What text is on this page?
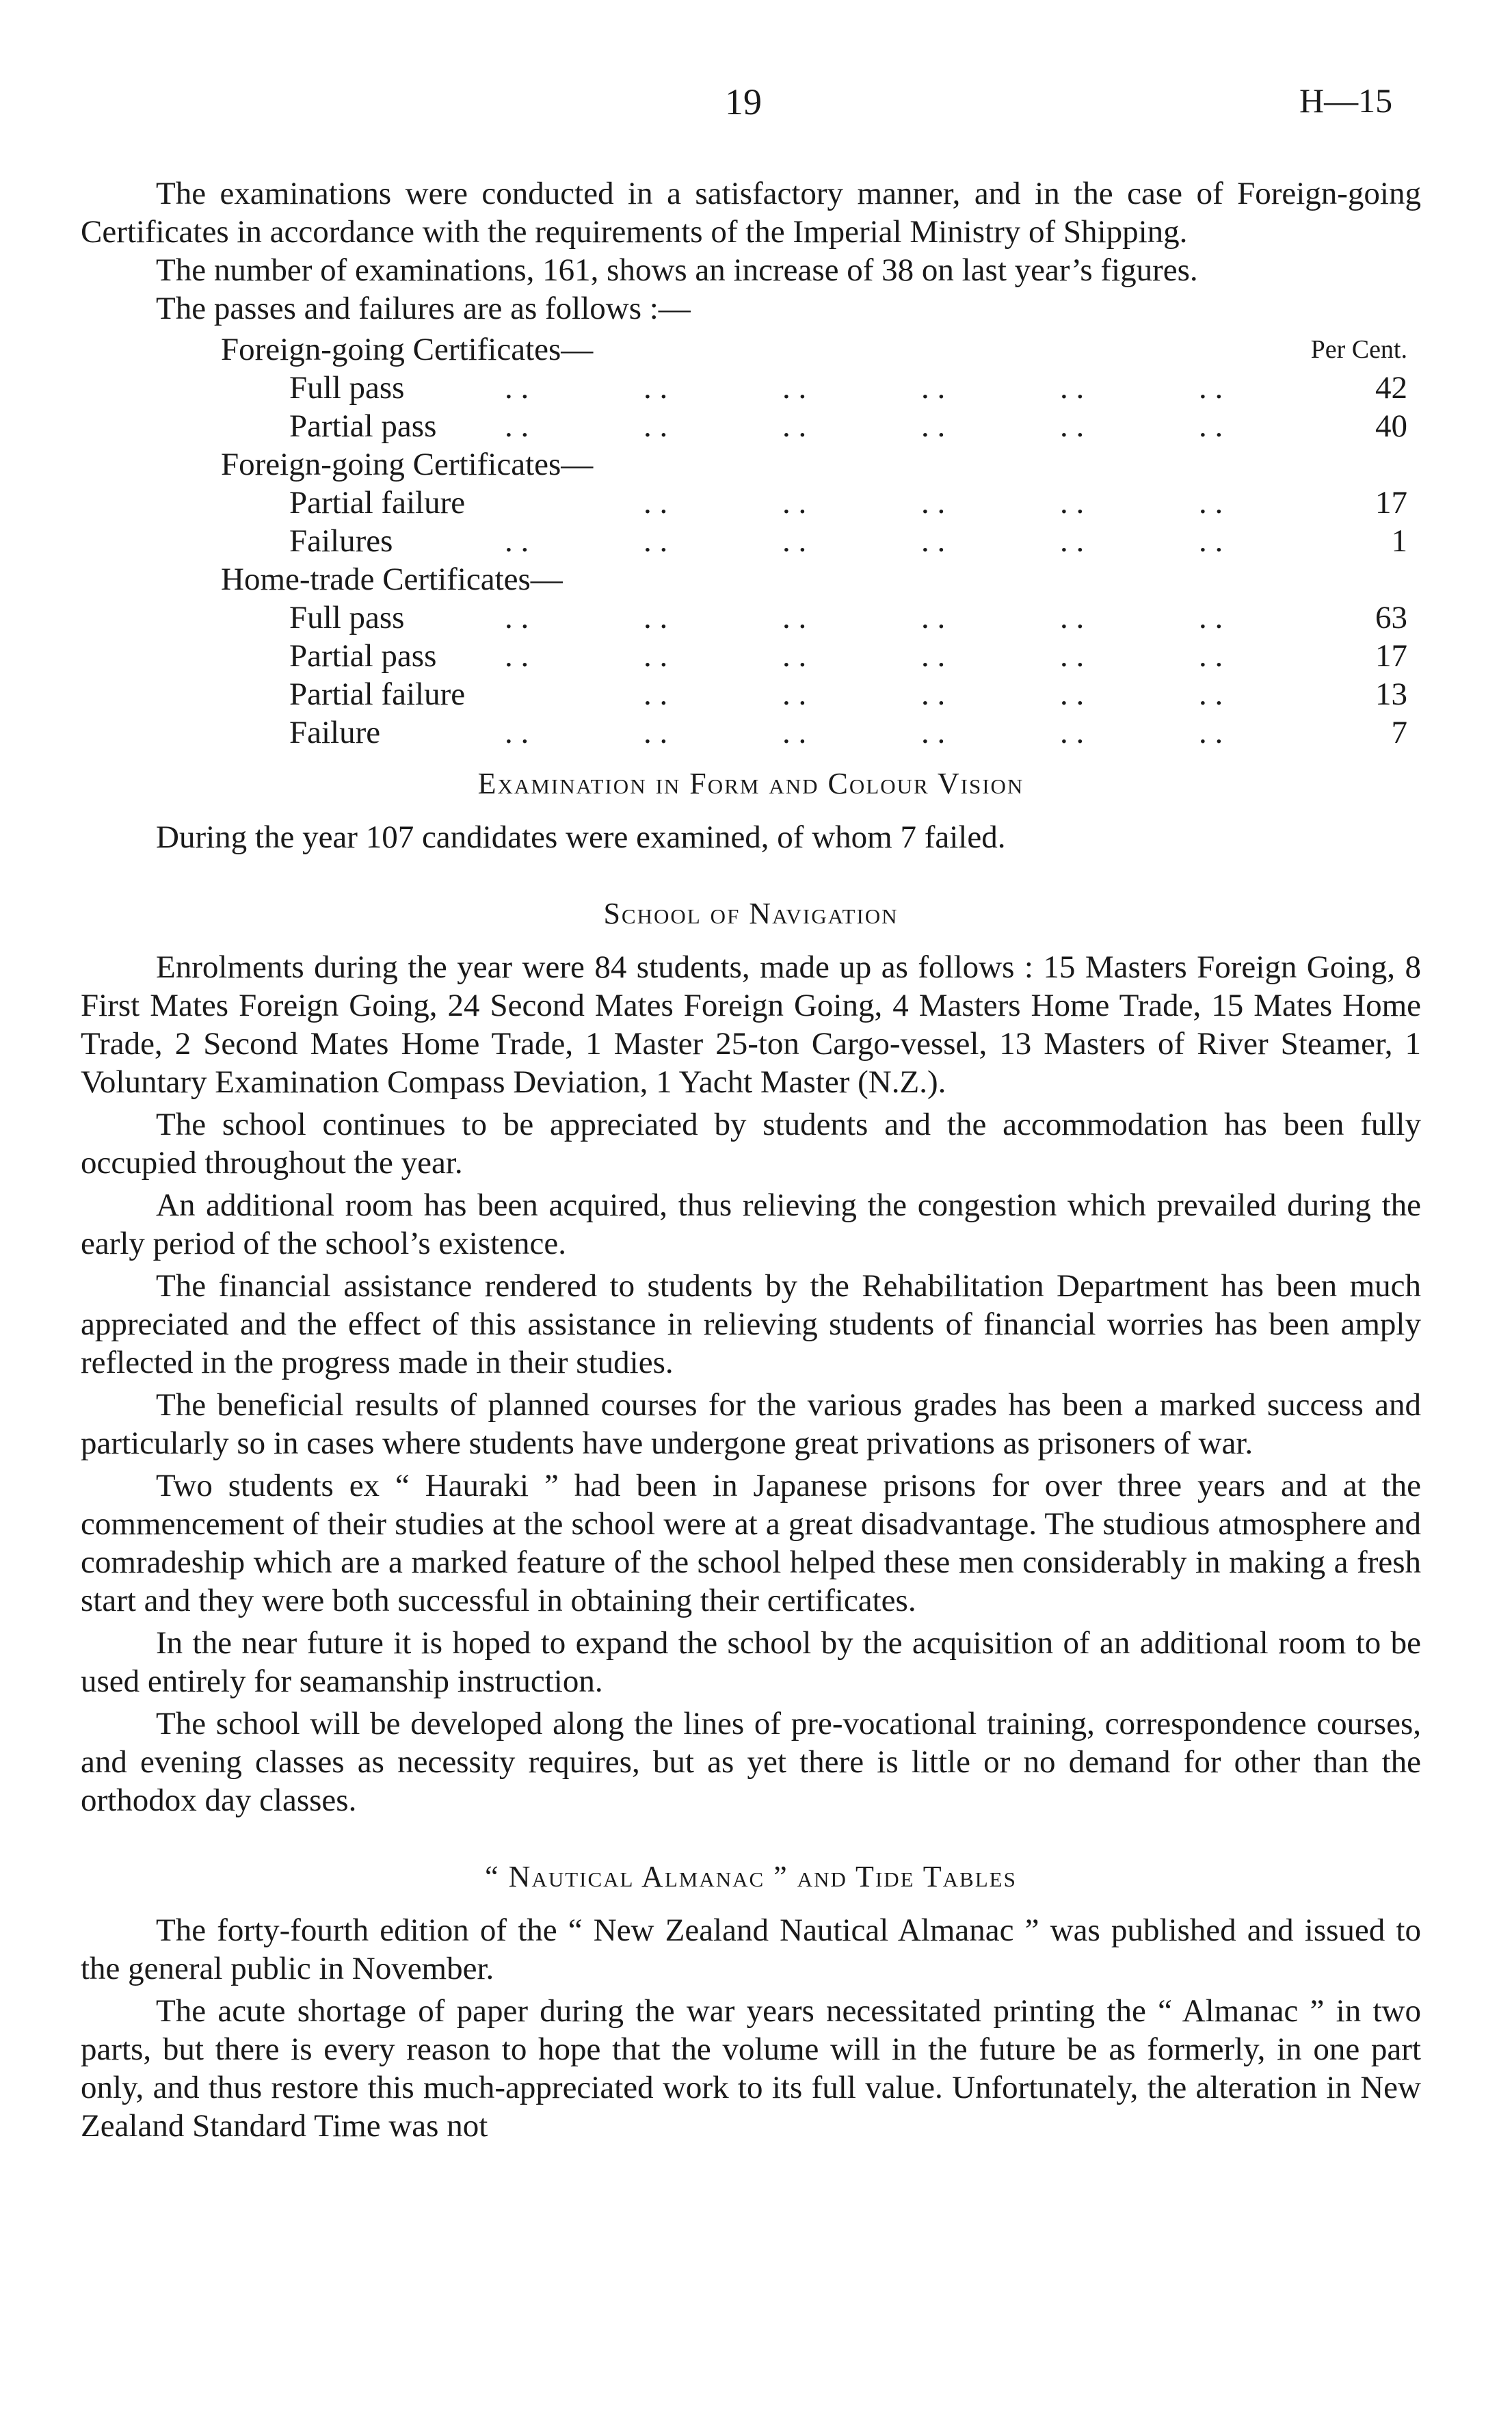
19	H—15

The examinations were conducted in a satisfactory manner, and in the case of Foreign-going Certificates in accordance with the requirements of the Imperial Ministry of Shipping.

The number of examinations, 161, shows an increase of 38 on last year’s figures.

The passes and failures are as follows :—

Foreign-going Certificates—	Per Cent.
Full pass	. .	. .	. .	. .	. .	. .	42
Partial pass . .	. .	. .	. .	. .	. .	40
Foreign-going Certificates—
Partial failure	. .	. .	. .	. .	. .	17
Failures	. .	. .	. .	. .	. .	. .	1
Home-trade Certificates—
Full pass	. .	. .	. .	. .	. .	. .	63
Partial pass . .	. .	. .	. .	. .	. .	17
Partial failure	. .	. .	. .	. .	. .	13
Failure	. .	. .	. .	. .	. .	. .	7
Examination in Form and Colour Vision

During the year 107 candidates were examined, of whom 7 failed.

School of Navigation

Enrolments during the year were 84 students, made up as follows : 15 Masters Foreign Going, 8 First Mates Foreign Going, 24 Second Mates Foreign Going, 4 Masters Home Trade, 15 Mates Home Trade, 2 Second Mates Home Trade, 1 Master 25-ton Cargo-vessel, 13 Masters of River Steamer, 1 Voluntary Examination Compass Deviation, 1 Yacht Master (N.Z.).

The school continues to be appreciated by students and the accommodation has been fully occupied throughout the year.

An additional room has been acquired, thus relieving the congestion which prevailed during the early period of the school’s existence.

The financial assistance rendered to students by the Rehabilitation Department has been much appreciated and the effect of this assistance in relieving students of financial worries has been amply reflected in the progress made in their studies.

The beneficial results of planned courses for the various grades has been a marked success and particularly so in cases where students have undergone great privations as prisoners of war.

Two students ex “ Hauraki ” had been in Japanese prisons for over three years and at the commencement of their studies at the school were at a great disadvantage. The studious atmosphere and comradeship which are a marked feature of the school helped these men considerably in making a fresh start and they were both successful in obtaining their certificates.

In the near future it is hoped to expand the school by the acquisition of an additional room to be used entirely for seamanship instruction.

The school will be developed along the lines of pre-vocational training, correspondence courses, and evening classes as necessity requires, but as yet there is little or no demand for other than the orthodox day classes.

“ Nautical Almanac ” and Tide Tables

The forty-fourth edition of the “ New Zealand Nautical Almanac ” was published and issued to the general public in November.

The acute shortage of paper during the war years necessitated printing the “ Almanac ” in two parts, but there is every reason to hope that the volume will in the future be as formerly, in one part only, and thus restore this much-appreciated work to its full value. Unfortunately, the alteration in New Zealand Standard Time was not
